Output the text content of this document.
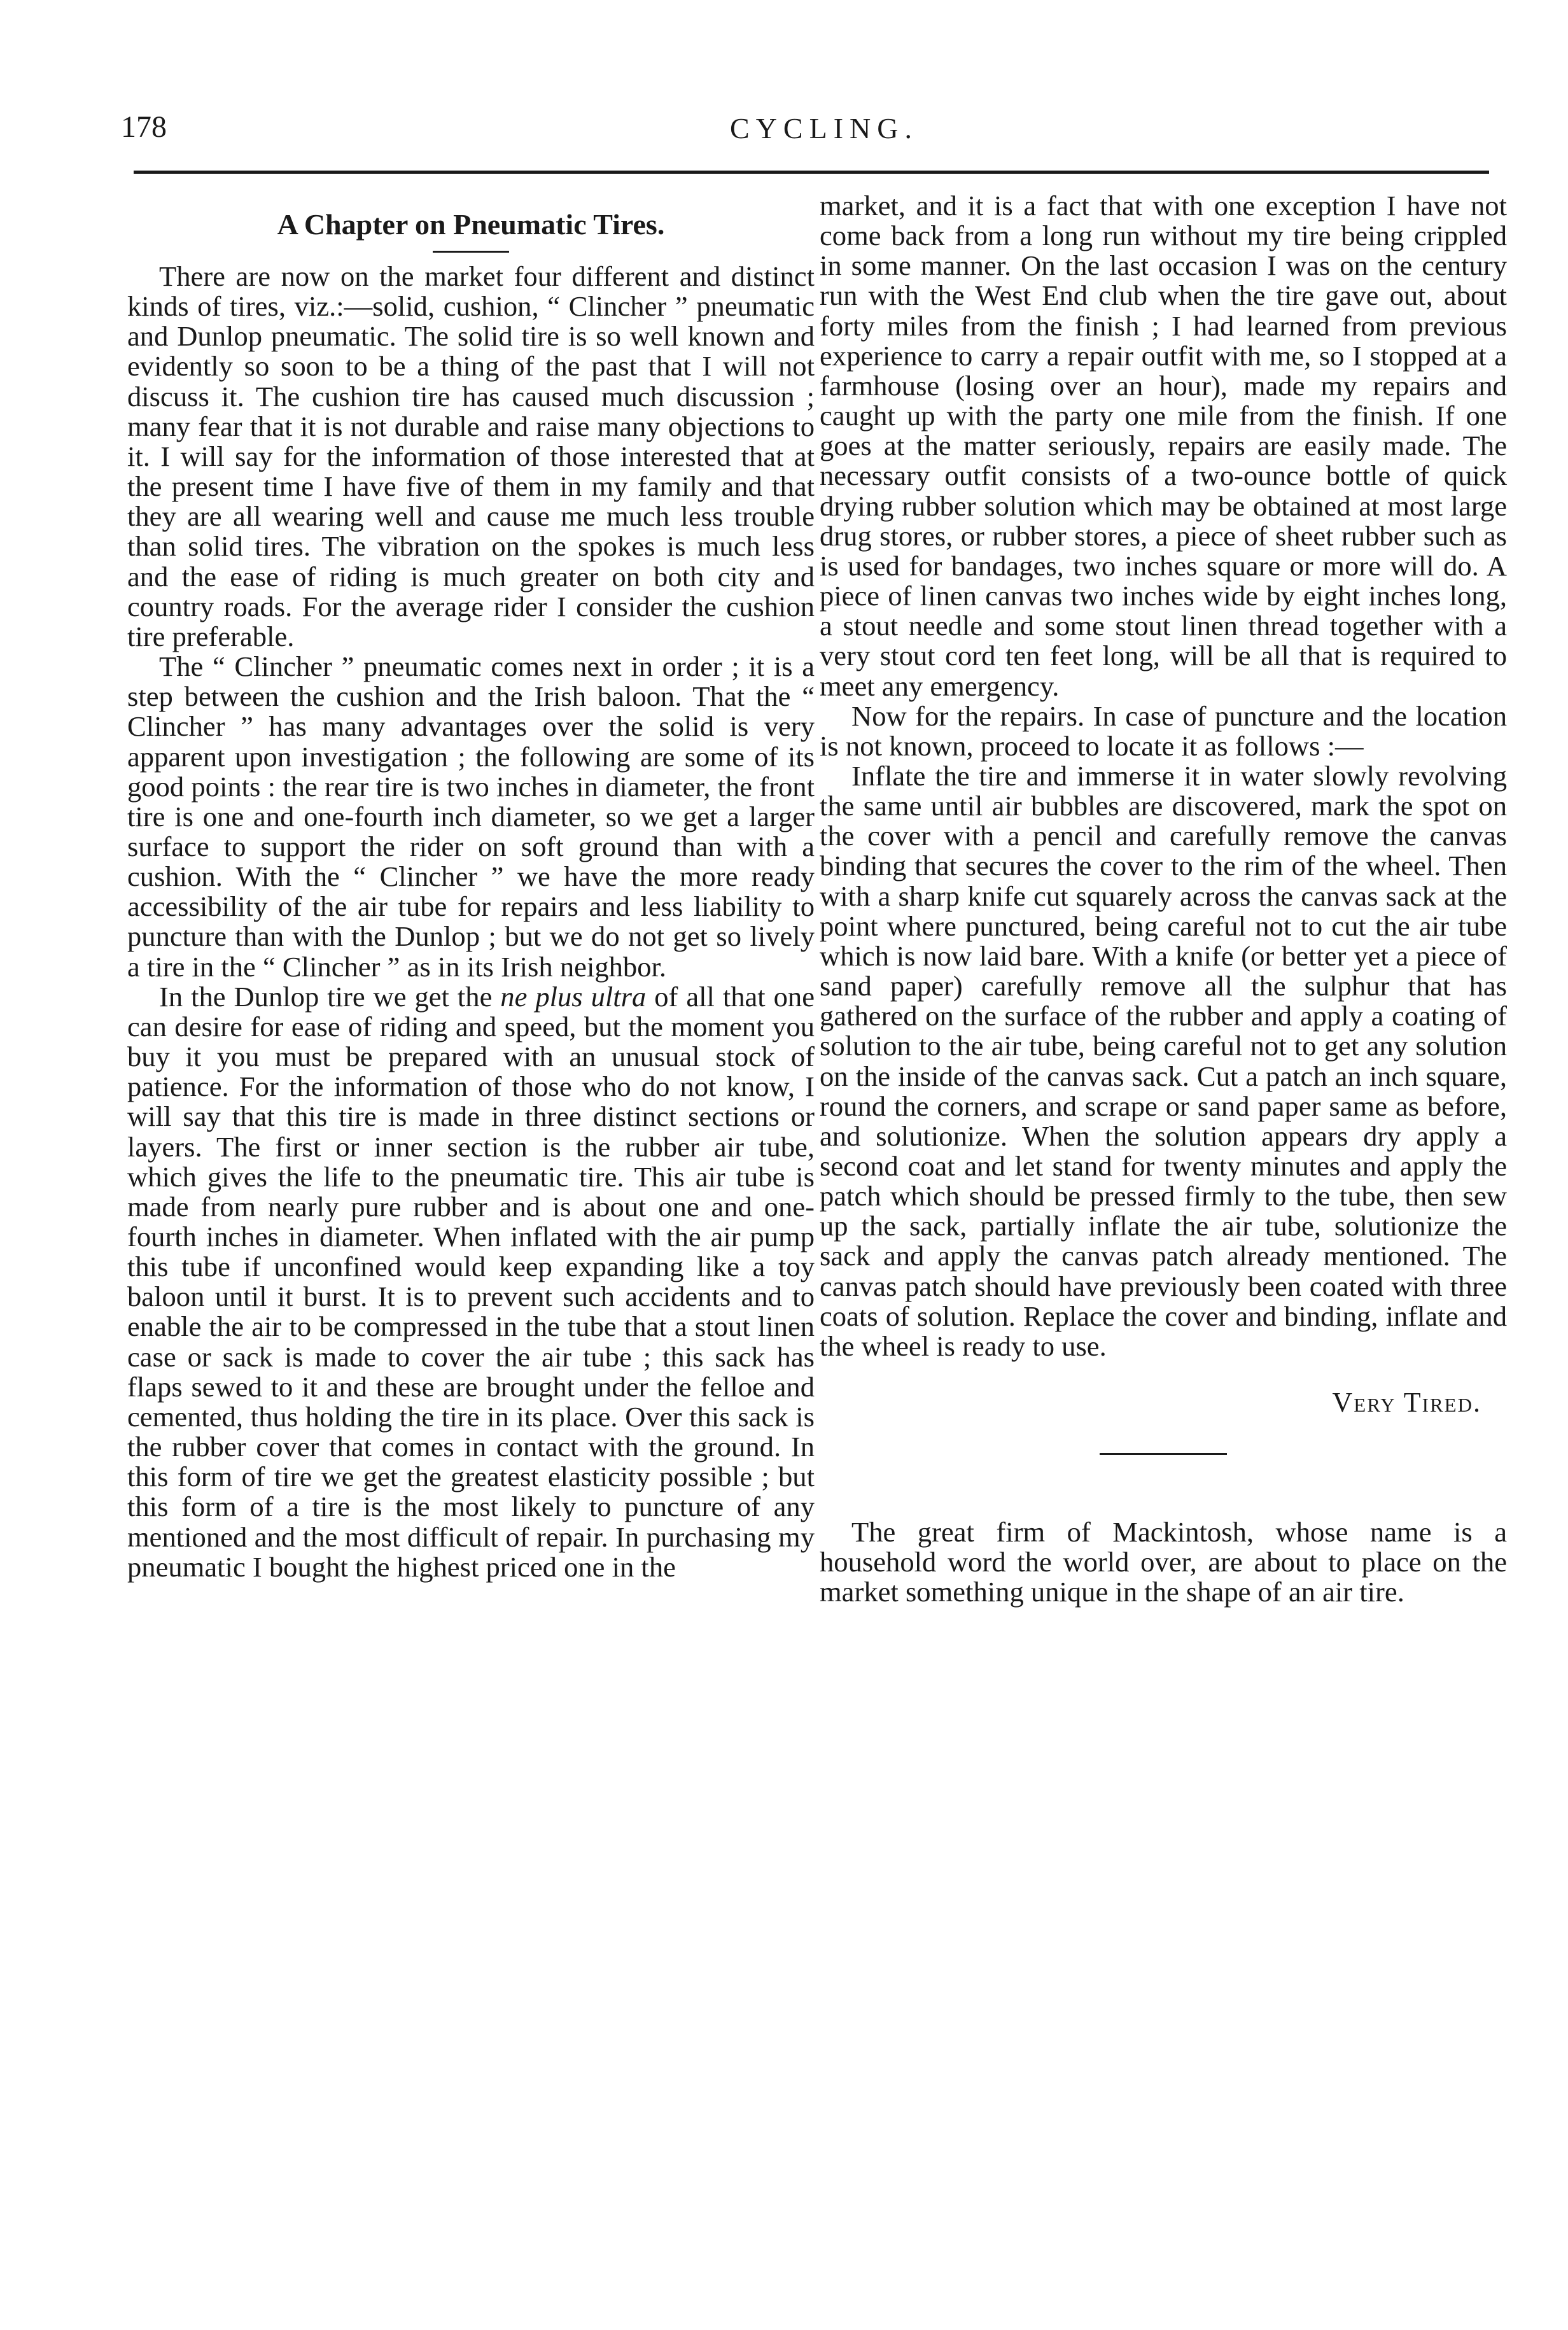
178	CYCLING.
A Chapter on Pneumatic Tires.

There are now on the market four different and distinct kinds of tires, viz.:—solid, cushion, “ Clincher ” pneumatic and Dunlop pneumatic. The solid tire is so well known and evidently so soon to be a thing of the past that I will not discuss it. The cushion tire has caused much discussion ; many fear that it is not durable and raise many objections to it. I will say for the information of those interested that at the present time I have five of them in my family and that they are all wearing well and cause me much less trouble than solid tires. The vibration on the spokes is much less and the ease of riding is much greater on both city and country roads. For the average rider I consider the cushion tire preferable.

The “ Clincher ” pneumatic comes next in order ; it is a step between the cushion and the Irish baloon. That the “ Clincher ” has many advantages over the solid is very apparent upon investigation ; the following are some of its good points : the rear tire is two inches in diameter, the front tire is one and one-fourth inch diameter, so we get a larger surface to support the rider on soft ground than with a cushion. With the “ Clincher ” we have the more ready accessibility of the air tube for repairs and less liability to puncture than with the Dunlop ; but we do not get so lively a tire in the “ Clincher ” as in its Irish neighbor.

In the Dunlop tire we get the ne plus ultra of all that one can desire for ease of riding and speed, but the moment you buy it you must be prepared with an unusual stock of patience. For the information of those who do not know, I will say that this tire is made in three distinct sections or layers. The first or inner section is the rubber air tube, which gives the life to the pneumatic tire. This air tube is made from nearly pure rubber and is about one and one-fourth inches in diameter. When inflated with the air pump this tube if unconfined would keep expanding like a toy baloon until it burst. It is to prevent such accidents and to enable the air to be compressed in the tube that a stout linen case or sack is made to cover the air tube ; this sack has flaps sewed to it and these are brought under the felloe and cemented, thus holding the tire in its place. Over this sack is the rubber cover that comes in contact with the ground. In this form of tire we get the greatest elasticity possible ; but this form of a tire is the most likely to puncture of any mentioned and the most difficult of repair. In purchasing my pneumatic I bought the highest priced one in the

market, and it is a fact that with one exception I have not come back from a long run without my tire being crippled in some manner. On the last occasion I was on the century run with the West End club when the tire gave out, about forty miles from the finish ; I had learned from previous experience to carry a repair outfit with me, so I stopped at a farmhouse (losing over an hour), made my repairs and caught up with the party one mile from the finish. If one goes at the matter seriously, repairs are easily made. The necessary outfit consists of a two-ounce bottle of quick drying rubber solution which may be obtained at most large drug stores, or rubber stores, a piece of sheet rubber such as is used for bandages, two inches square or more will do. A piece of linen canvas two inches wide by eight inches long, a stout needle and some stout linen thread together with a very stout cord ten feet long, will be all that is required to meet any emergency.

Now for the repairs. In case of puncture and the location is not known, proceed to locate it as follows :—

Inflate the tire and immerse it in water slowly revolving the same until air bubbles are discovered, mark the spot on the cover with a pencil and carefully remove the canvas binding that secures the cover to the rim of the wheel. Then with a sharp knife cut squarely across the canvas sack at the point where punctured, being careful not to cut the air tube which is now laid bare. With a knife (or better yet a piece of sand paper) carefully remove all the sulphur that has gathered on the surface of the rubber and apply a coating of solution to the air tube, being careful not to get any solution on the inside of the canvas sack. Cut a patch an inch square, round the corners, and scrape or sand paper same as before, and solutionize. When the solution appears dry apply a second coat and let stand for twenty minutes and apply the patch which should be pressed firmly to the tube, then sew up the sack, partially inflate the air tube, solutionize the sack and apply the canvas patch already mentioned. The canvas patch should have previously been coated with three coats of solution. Replace the cover and binding, inflate and the wheel is ready to use.

Very Tired.

The great firm of Mackintosh, whose name is a household word the world over, are about to place on the market something unique in the shape of an air tire.
